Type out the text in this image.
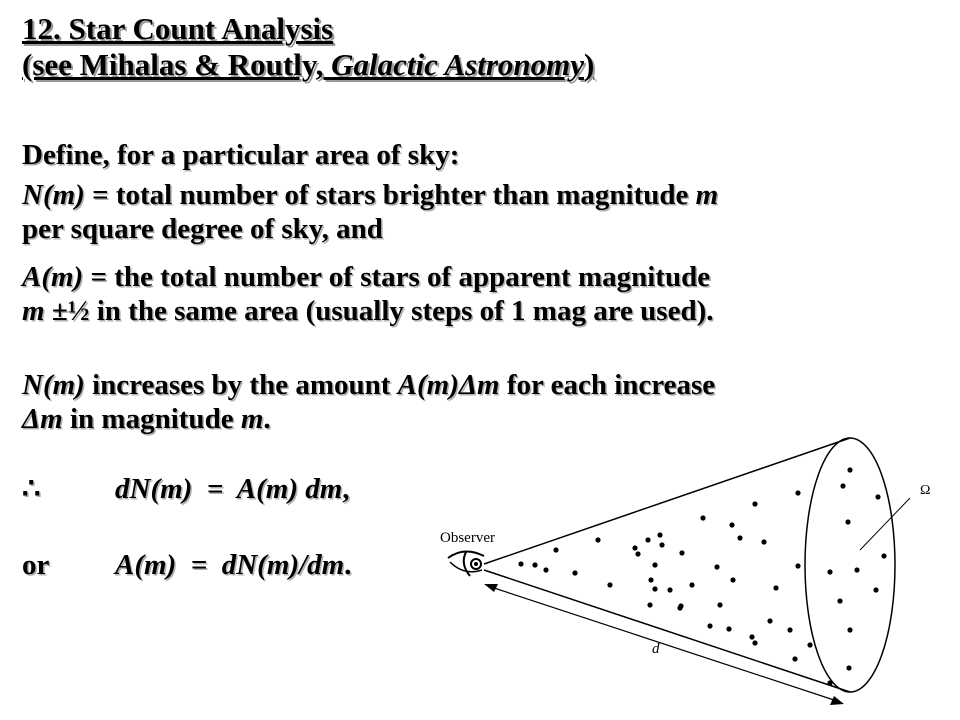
12. Star Count Analysis

(see Mihalas & Routly, Galactic Astronomy)

Define, for a particular area of sky:

N(m) = total number of stars brighter than magnitude m

per square degree of sky, and

A(m) = the total number of stars of apparent magnitude

m ±½ in the same area (usually steps of 1 mag are used).

N(m) increases by the amount A(m)Δm for each increase

Δm in magnitude m.

∴	dN(m)  =  A(m) dm,

or A(m)  =  dN(m)/dm.

Ω
Observer
d
